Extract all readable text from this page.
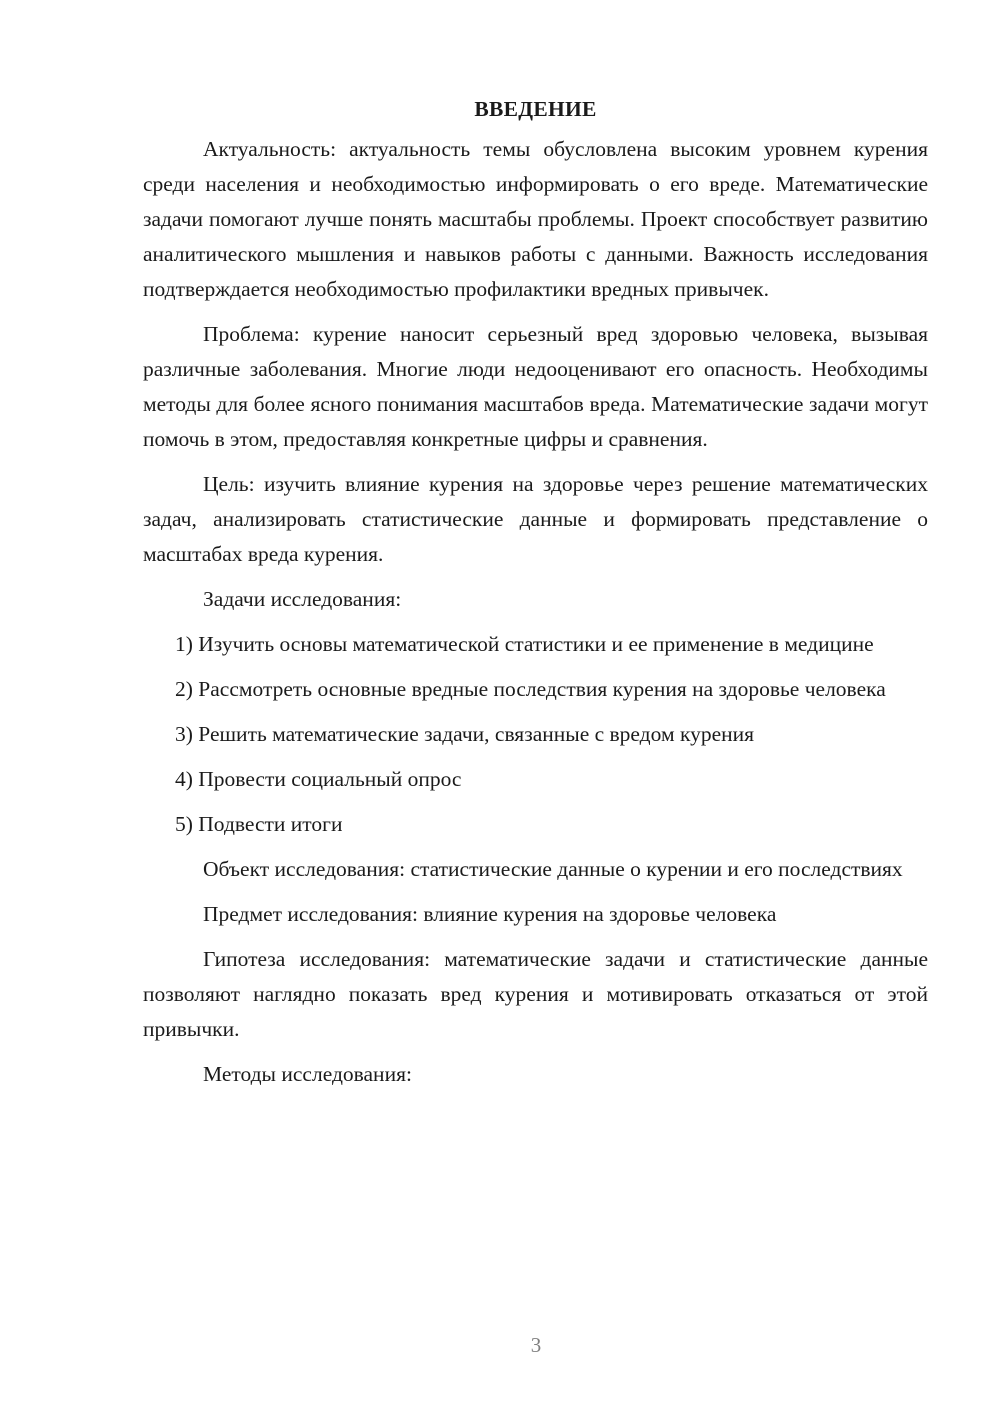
ВВЕДЕНИЕ

Актуальность: актуальность темы обусловлена высоким уровнем курения среди населения и необходимостью информировать о его вреде. Математические задачи помогают лучше понять масштабы проблемы. Проект способствует развитию аналитического мышления и навыков работы с данными. Важность исследования подтверждается необходимостью профилактики вредных привычек.

Проблема: курение наносит серьезный вред здоровью человека, вызывая различные заболевания. Многие люди недооценивают его опасность. Необходимы методы для более ясного понимания масштабов вреда. Математические задачи могут помочь в этом, предоставляя конкретные цифры и сравнения.

Цель: изучить влияние курения на здоровье через решение математических задач, анализировать статистические данные и формировать представление о масштабах вреда курения.

Задачи исследования:

1) Изучить основы математической статистики и ее применение в медицине

2) Рассмотреть основные вредные последствия курения на здоровье человека

3) Решить математические задачи, связанные с вредом курения

4) Провести социальный опрос

5) Подвести итоги

Объект исследования: статистические данные о курении и его последствиях

Предмет исследования: влияние курения на здоровье человека

Гипотеза исследования: математические задачи и статистические данные позволяют наглядно показать вред курения и мотивировать отказаться от этой привычки.

Методы исследования:

3
